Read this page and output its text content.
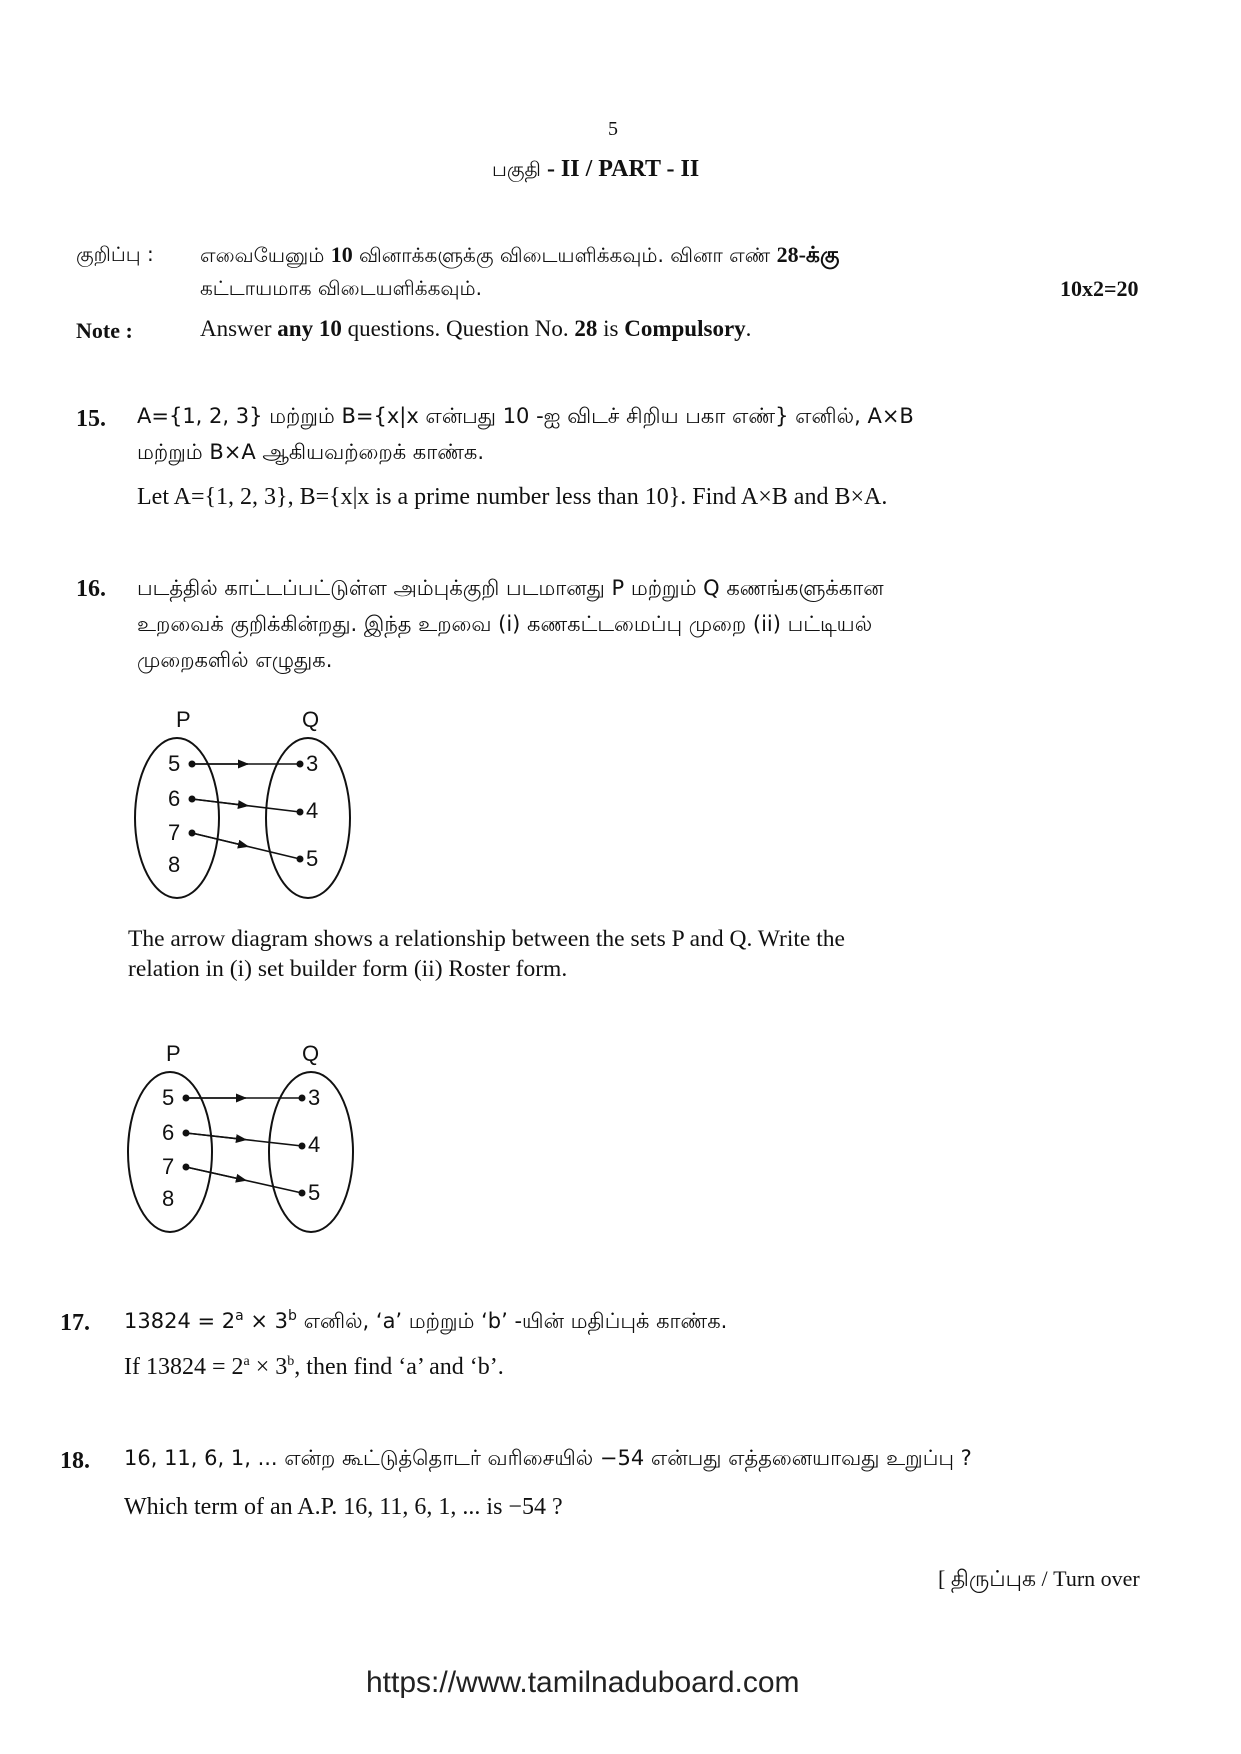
5
பகுதி - II / PART - II
குறிப்பு : எவையேனும் 10 வினாக்களுக்கு விடையளிக்கவும். வினா எண் 28-க்கு
கட்டாயமாக விடையளிக்கவும்.	10x2=20
Note :	Answer any 10 questions. Question No. 28 is Compulsory.
15. A={1, 2, 3} மற்றும் B={x|x என்பது 10 -ஐ விடச் சிறிய பகா எண்} எனில், A×B
மற்றும் B×A ஆகியவற்றைக் காண்க.
Let A={1, 2, 3}, B={x|x is a prime number less than 10}. Find A×B and B×A.
16. படத்தில் காட்டப்பட்டுள்ள அம்புக்குறி படமானது P மற்றும் Q கணங்களுக்கான
உறவைக் குறிக்கின்றது. இந்த உறவை (i) கணகட்டமைப்பு முறை (ii) பட்டியல்
முறைகளில் எழுதுக.
P	Q
5
6
7
8
3
4
5
The arrow diagram shows a relationship between the sets P and Q. Write the
relation in (i) set builder form (ii) Roster form.
P	Q
5
6
7
8
3
4
5
17. $13824 = 2^a \times 3^b$ எனில், ‘a’ மற்றும் ‘b’ -யின் மதிப்புக் காண்க.
If $13824 = 2^a \times 3^b$, then find ‘a’ and ‘b’.
18. 16, 11, 6, 1, ... என்ற கூட்டுத்தொடர் வரிசையில் −54 என்பது எத்தனையாவது உறுப்பு ?
Which term of an A.P. 16, 11, 6, 1, ... is −54 ?
[ திருப்புக / Turn over
https://www.tamilnaduboard.com
